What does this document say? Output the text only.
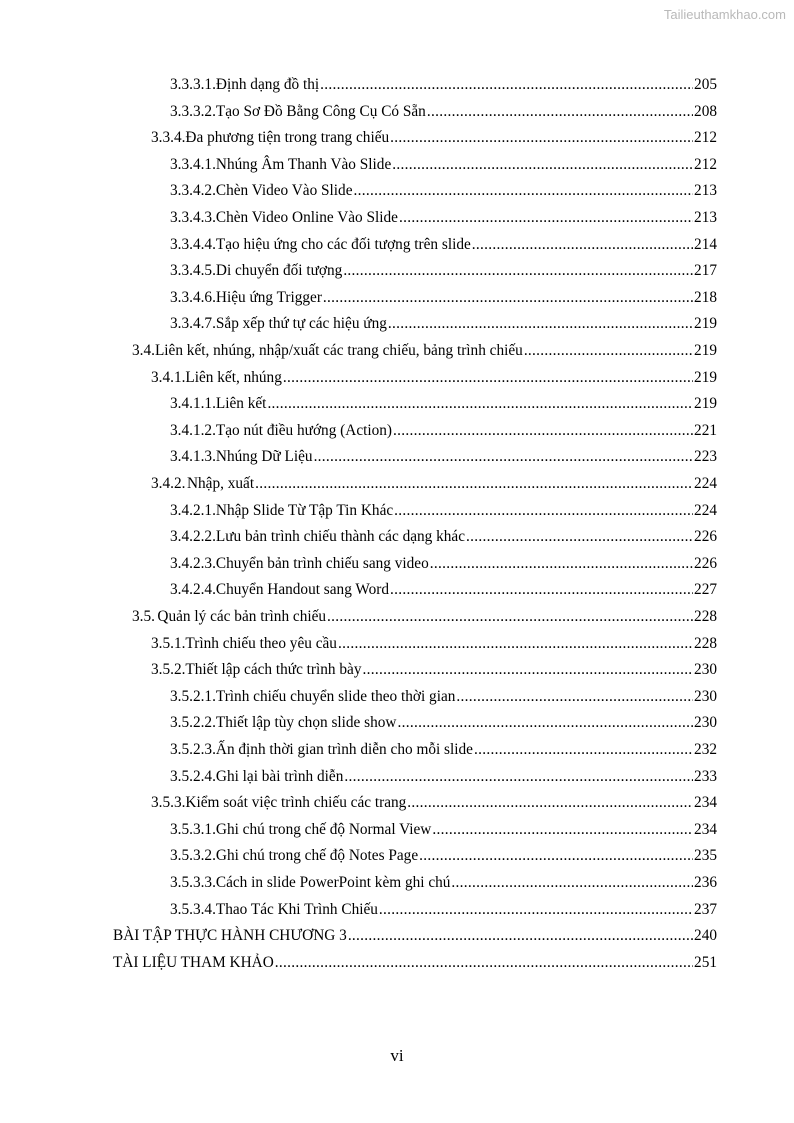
Tailieuthamkhao.com
3.3.3.1. Định dạng đồ thị .....	205
3.3.3.2. Tạo Sơ Đồ Bằng Công Cụ Có Sẵn .....	208
3.3.4. Đa phương tiện trong trang chiếu .....	212
3.3.4.1. Nhúng Âm Thanh Vào Slide .....	212
3.3.4.2. Chèn Video Vào Slide .....	213
3.3.4.3. Chèn Video Online Vào Slide .....	213
3.3.4.4. Tạo hiệu ứng cho các đối tượng trên slide .....	214
3.3.4.5. Di chuyển đối tượng .....	217
3.3.4.6. Hiệu ứng Trigger .....	218
3.3.4.7. Sắp xếp thứ tự các hiệu ứng .....	219
3.4. Liên kết, nhúng, nhập/xuất các trang chiếu, bảng trình chiếu .....	219
3.4.1. Liên kết, nhúng .....	219
3.4.1.1. Liên kết .....	219
3.4.1.2. Tạo nút điều hướng (Action) .....	221
3.4.1.3. Nhúng Dữ Liệu .....	223
3.4.2. Nhập, xuất .....	224
3.4.2.1. Nhập Slide Từ Tập Tin Khác .....	224
3.4.2.2. Lưu bản trình chiếu thành các dạng khác .....	226
3.4.2.3. Chuyển bản trình chiếu sang video .....	226
3.4.2.4. Chuyển Handout sang Word .....	227
3.5. Quản lý các bản trình chiếu .....	228
3.5.1. Trình chiếu theo yêu cầu .....	228
3.5.2. Thiết lập cách thức trình bày .....	230
3.5.2.1. Trình chiếu chuyển slide theo thời gian .....	230
3.5.2.2. Thiết lập tùy chọn slide show .....	230
3.5.2.3. Ấn định thời gian trình diễn cho mỗi slide .....	232
3.5.2.4. Ghi lại bài trình diễn .....	233
3.5.3. Kiểm soát việc trình chiếu các trang .....	234
3.5.3.1. Ghi chú trong chế độ Normal View .....	234
3.5.3.2. Ghi chú trong chế độ Notes Page .....	235
3.5.3.3. Cách in slide PowerPoint kèm ghi chú .....	236
3.5.3.4. Thao Tác Khi Trình Chiếu .....	237
BÀI TẬP THỰC HÀNH CHƯƠNG 3 .....	240
TÀI LIỆU THAM KHẢO .....	251
vi
